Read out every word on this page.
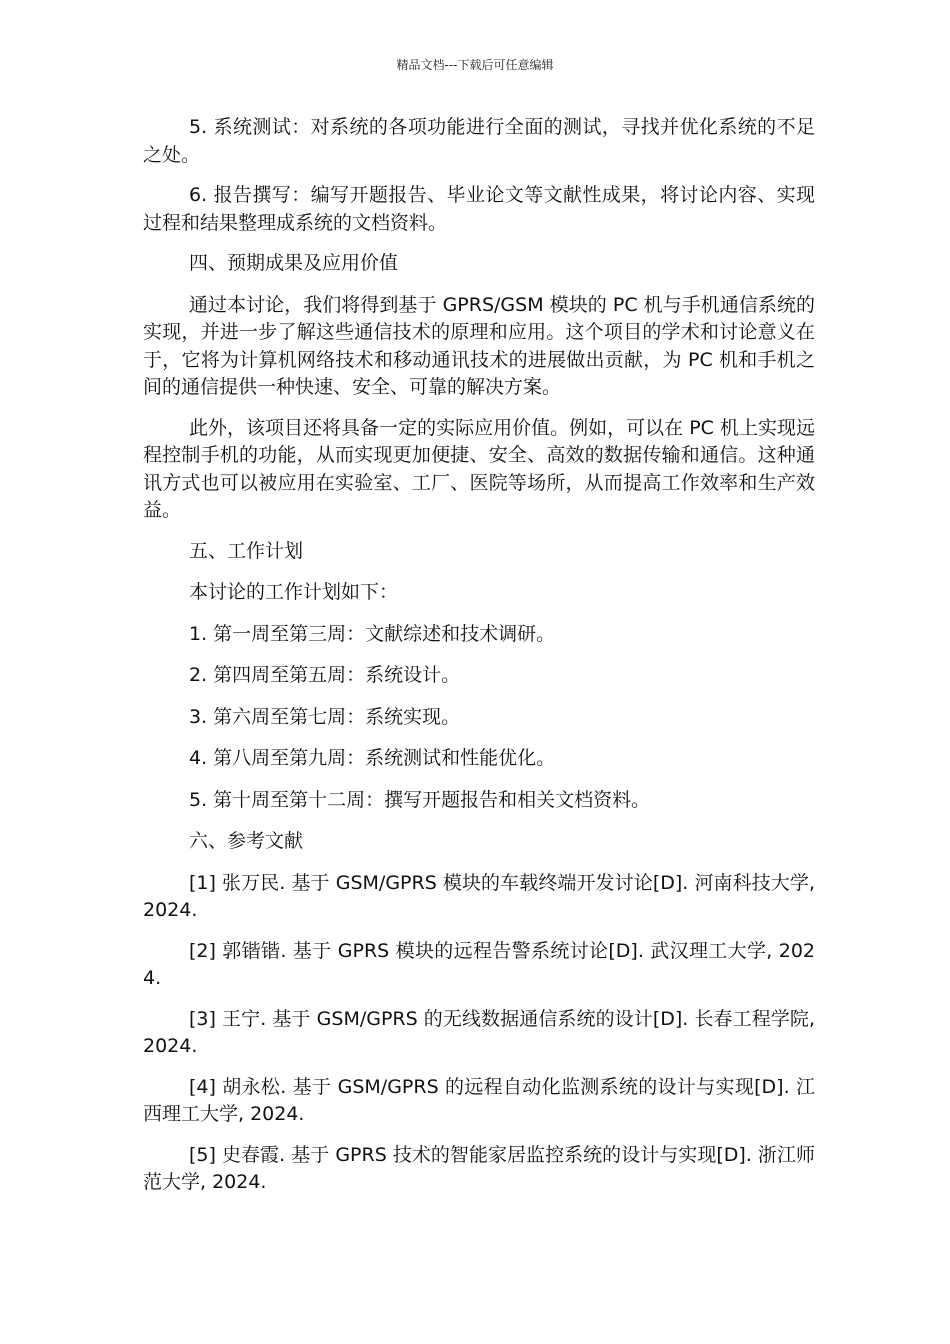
精品文档---下载后可任意编辑

5. 系统测试：对系统的各项功能进行全面的测试，寻找并优化系统的不足之处。

6. 报告撰写：编写开题报告、毕业论文等文献性成果，将讨论内容、实现过程和结果整理成系统的文档资料。

四、预期成果及应用价值

通过本讨论，我们将得到基于 GPRS/GSM 模块的 PC 机与手机通信系统的实现，并进一步了解这些通信技术的原理和应用。这个项目的学术和讨论意义在于，它将为计算机网络技术和移动通讯技术的进展做出贡献，为 PC 机和手机之间的通信提供一种快速、安全、可靠的解决方案。

此外，该项目还将具备一定的实际应用价值。例如，可以在 PC 机上实现远程控制手机的功能，从而实现更加便捷、安全、高效的数据传输和通信。这种通讯方式也可以被应用在实验室、工厂、医院等场所，从而提高工作效率和生产效益。

五、工作计划

本讨论的工作计划如下：

1. 第一周至第三周：文献综述和技术调研。

2. 第四周至第五周：系统设计。

3. 第六周至第七周：系统实现。

4. 第八周至第九周：系统测试和性能优化。

5. 第十周至第十二周：撰写开题报告和相关文档资料。

六、参考文献

[1] 张万民. 基于 GSM/GPRS 模块的车载终端开发讨论[D]. 河南科技大学, 2024.

[2] 郭锴锴. 基于 GPRS 模块的远程告警系统讨论[D]. 武汉理工大学, 2024.

[3] 王宁. 基于 GSM/GPRS 的无线数据通信系统的设计[D]. 长春工程学院, 2024.

[4] 胡永松. 基于 GSM/GPRS 的远程自动化监测系统的设计与实现[D]. 江西理工大学, 2024.

[5] 史春霞. 基于 GPRS 技术的智能家居监控系统的设计与实现[D]. 浙江师范大学, 2024.
